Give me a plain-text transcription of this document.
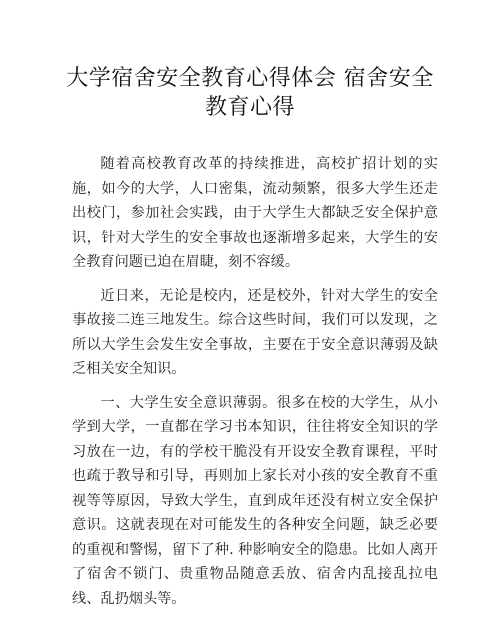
大学宿舍安全教育心得体会 宿舍安全
教育心得

随着高校教育改革的持续推进，高校扩招计划的实施，如今的大学，人口密集，流动频繁，很多大学生还走出校门，参加社会实践，由于大学生大都缺乏安全保护意识，针对大学生的安全事故也逐渐增多起来，大学生的安全教育问题已迫在眉睫，刻不容缓。

近日来，无论是校内，还是校外，针对大学生的安全事故接二连三地发生。综合这些时间，我们可以发现，之所以大学生会发生安全事故，主要在于安全意识薄弱及缺乏相关安全知识。

一、大学生安全意识薄弱。很多在校的大学生，从小学到大学，一直都在学习书本知识，往往将安全知识的学习放在一边，有的学校干脆没有开设安全教育课程，平时也疏于教导和引导，再则加上家长对小孩的安全教育不重视等等原因，导致大学生，直到成年还没有树立安全保护意识。这就表现在对可能发生的各种安全问题，缺乏必要的重视和警惕，留下了种. 种影响安全的隐患。比如人离开了宿舍不锁门、贵重物品随意丢放、宿舍内乱接乱拉电线、乱扔烟头等。
